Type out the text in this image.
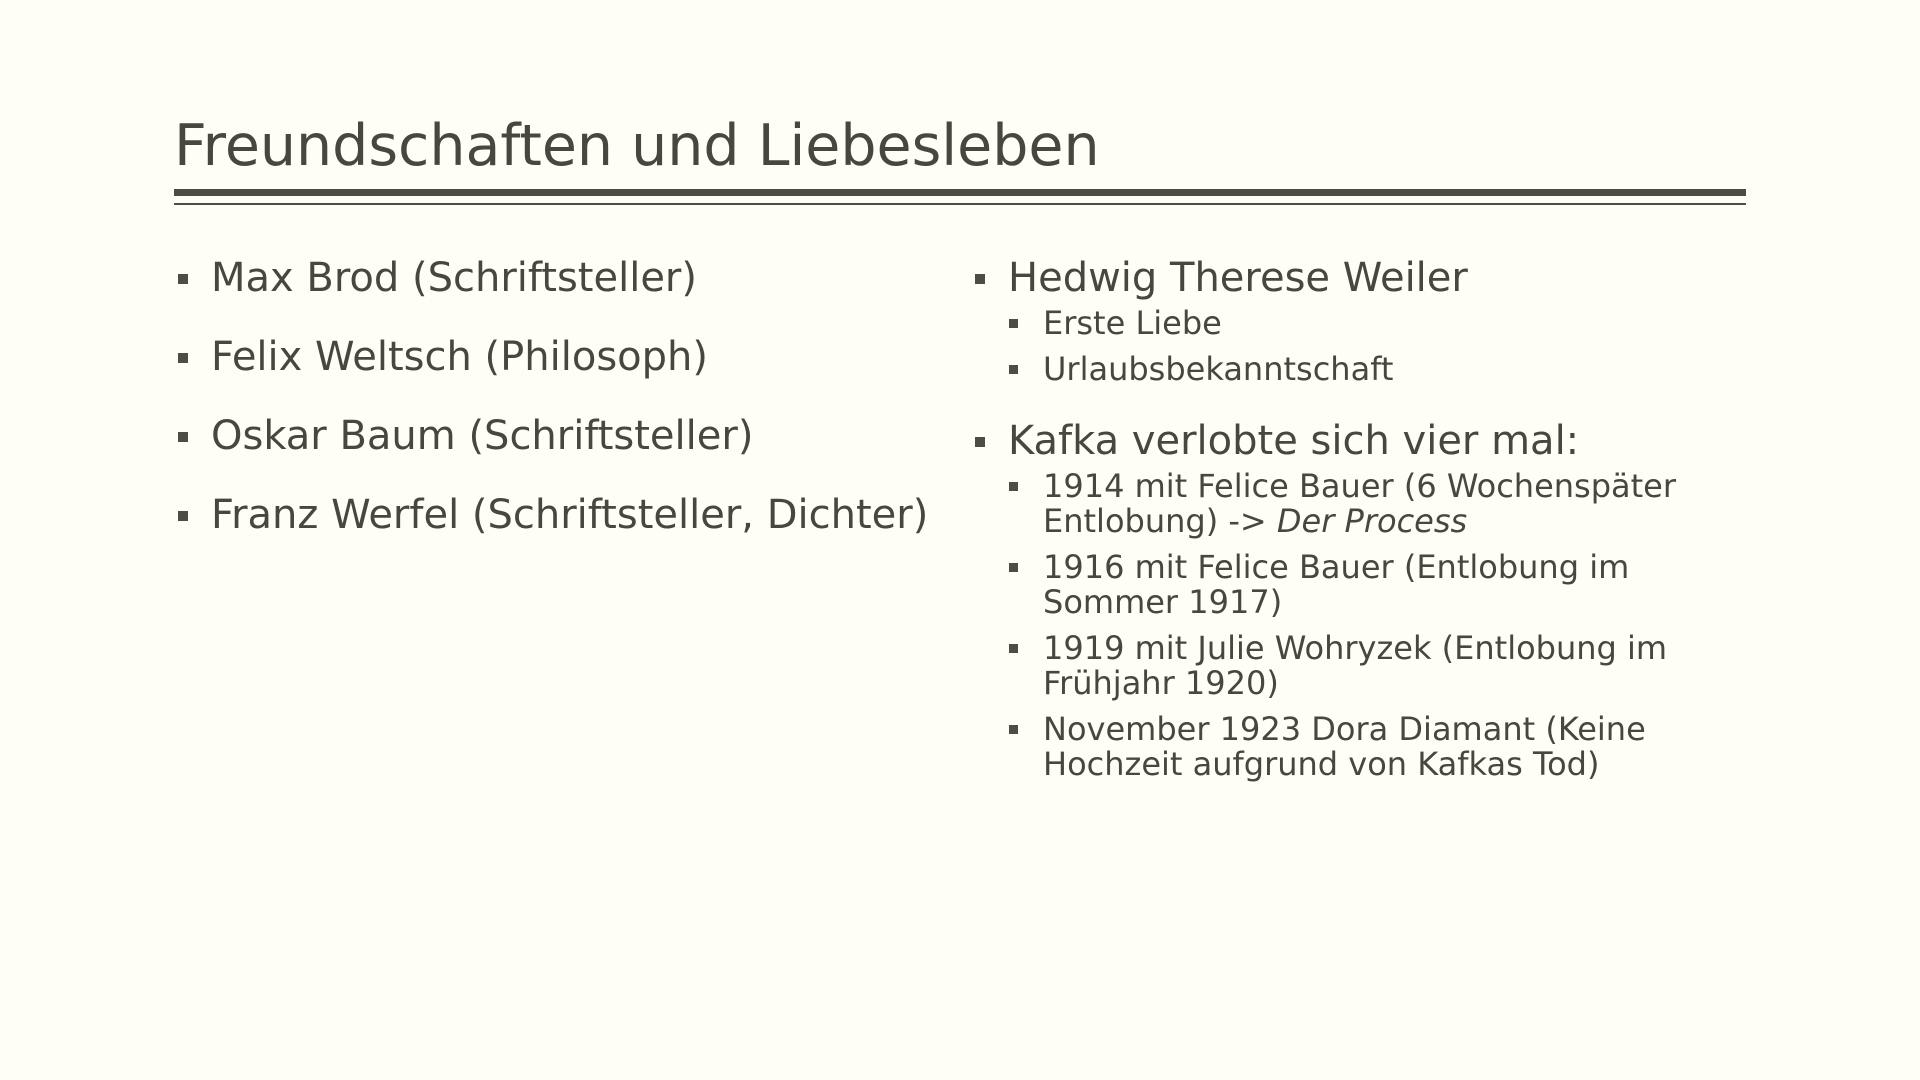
Freundschaften und Liebesleben
Max Brod (Schriftsteller)
Felix Weltsch (Philosoph)
Oskar Baum (Schriftsteller)
Franz Werfel (Schriftsteller, Dichter)
Hedwig Therese Weiler
Erste Liebe
Urlaubsbekanntschaft
Kafka verlobte sich vier mal:
1914 mit Felice Bauer (6 Wochenspäter Entlobung) -> Der Process
1916 mit Felice Bauer (Entlobung im Sommer 1917)
1919 mit Julie Wohryzek (Entlobung im Frühjahr 1920)
November 1923 Dora Diamant (Keine Hochzeit aufgrund von Kafkas Tod)
